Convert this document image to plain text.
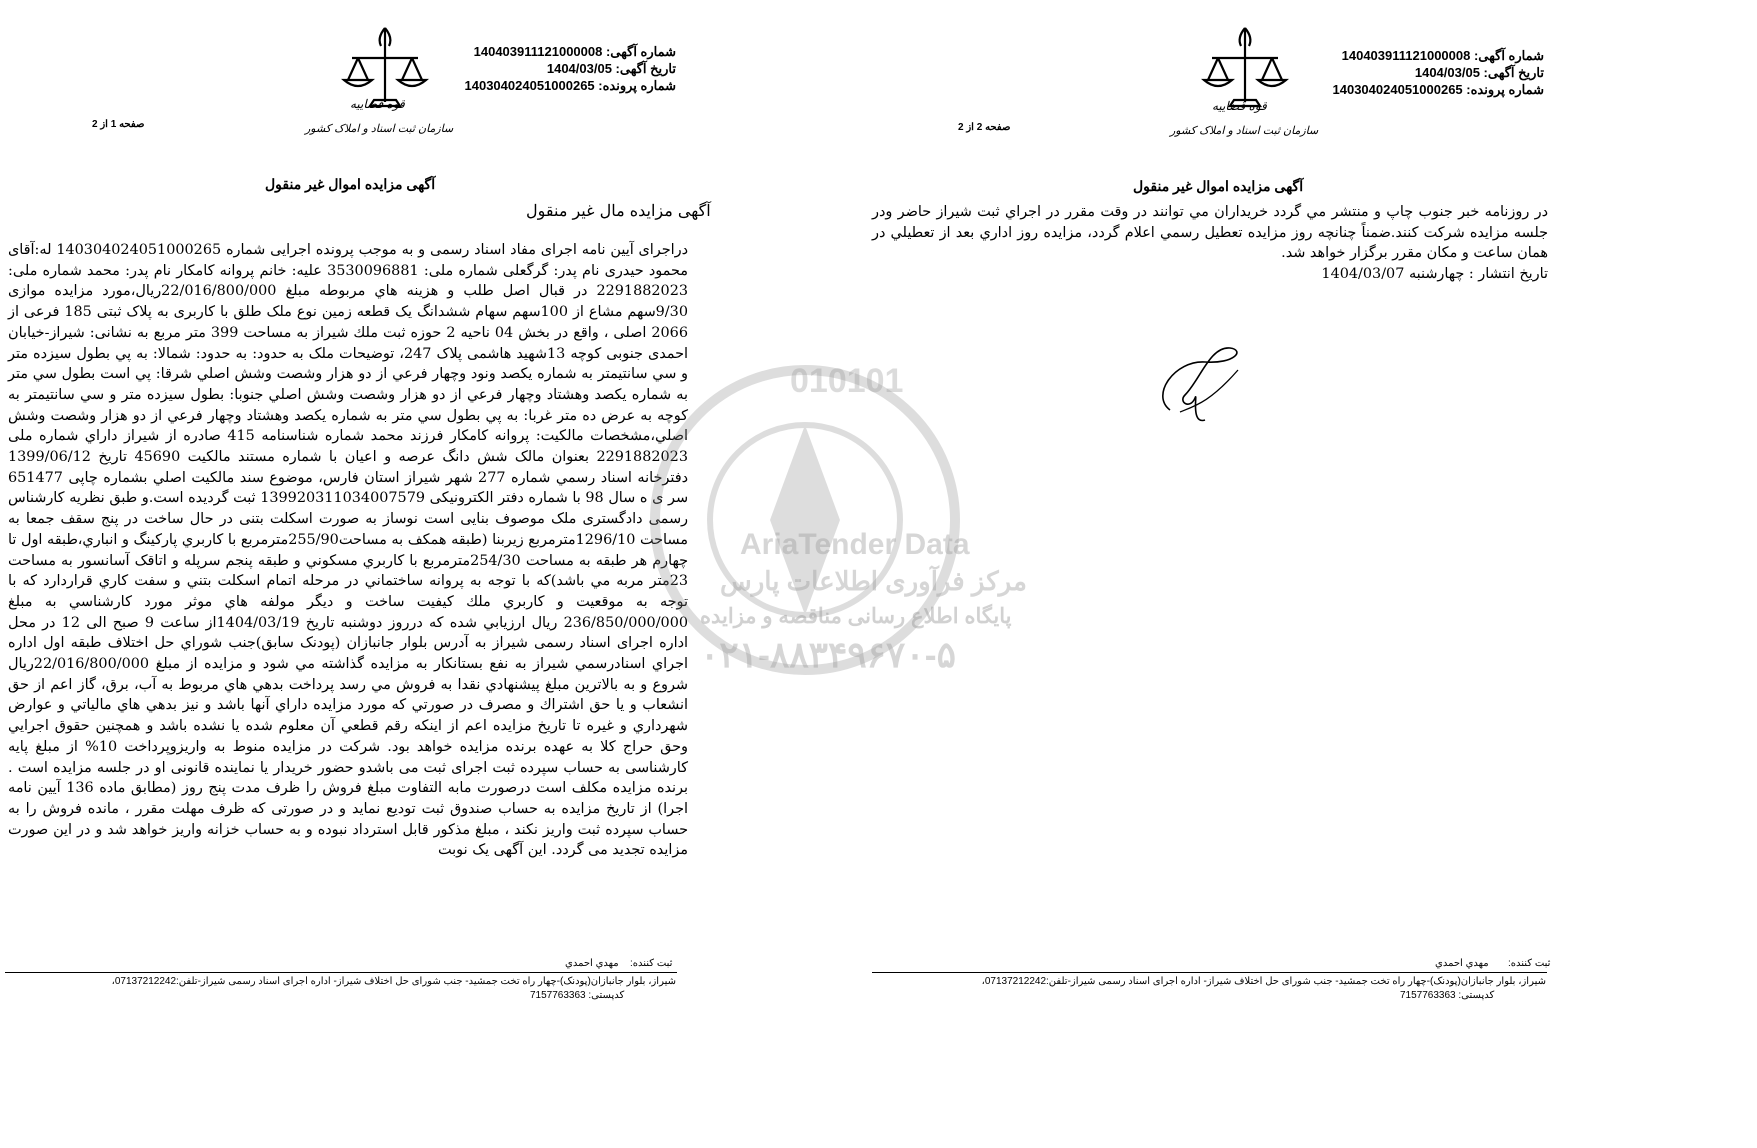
قوه قضاییه
سازمان ثبت اسناد و املاک کشور
شماره آگهی: 140403911121000008
تاریخ آگهی: 1404/03/05
شماره پرونده: 140304024051000265
صفحه 1 از 2
آگهی مزایده اموال غیر منقول
آگهی مزایده مال غیر منقول

دراجرای آیین نامه اجرای مفاد اسناد رسمی و به موجب پرونده اجرایی شماره 140304024051000265 له:آقای محمود حیدری نام پدر: گرگعلی شماره ملی: 3530096881 علیه: خانم پروانه کامکار نام پدر: محمد شماره ملی: 2291882023 در قبال اصل طلب و هزینه هاي مربوطه مبلغ 22/016/800/000ريال،مورد مزایده موازی 9/30سهم مشاع از 100سهم سهام ششدانگ یک قطعه زمین نوع ملک طلق با کاربری به پلاک ثبتی 185 فرعی از 2066 اصلی ، واقع در بخش 04 ناحیه 2 حوزه ثبت ملك شیراز به مساحت 399 متر مربع به نشانی: شیراز-خیابان احمدی جنوبی کوچه 13شهید هاشمی پلاک 247، توضیحات ملک به حدود: به حدود: شمالا: به پي بطول سيزده متر و سي سانتيمتر به شماره يكصد ونود وچهار فرعي از دو هزار وشصت وشش اصلي شرقا: پي است بطول سي متر به شماره يكصد وهشتاد وچهار فرعي از دو هزار وشصت وشش اصلي جنوبا: بطول سيزده متر و سي سانتيمتر به كوچه به عرض ده متر غربا: به پي بطول سي متر به شماره يكصد وهشتاد وچهار فرعي از دو هزار وشصت وشش اصلي،مشخصات مالكيت: پروانه كامكار فرزند محمد شماره شناسنامه 415 صادره از شيراز داراي شماره ملی 2291882023 بعنوان مالک شش دانگ عرصه و اعیان با شماره مستند مالکیت 45690 تاریخ 1399/06/12 دفترخانه اسناد رسمي شماره 277 شهر شیراز استان فارس، موضوع سند مالکیت اصلي بشماره چاپی 651477 سر ی ه سال 98 با شماره دفتر الکترونیکی 139920311034007579 ثبت گردیده است.و طبق نظریه کارشناس رسمی دادگستری ملک موصوف بنایی است نوساز به صورت اسکلت بتنی در حال ساخت در پنج سقف جمعا به مساحت 1296/10مترمربع زيربنا (طبقه همكف به مساحت255/90مترمربع با كاربري پاركينگ و انباري،طبقه اول تا چهارم هر طبقه به مساحت 254/30مترمربع با كاربري مسكوني و طبقه پنجم سرپله و اتاقک آسانسور به مساحت 23متر مربه مي باشد)كه با توجه به پروانه ساختماني در مرحله اتمام اسكلت بتني و سفت كاري قراردارد كه با توجه به موقعيت و كاربري ملك كيفيت ساخت و ديگر مولفه هاي موثر مورد كارشناسي به مبلغ 236/850/000/000 ريال ارزيابي شده كه درروز دوشنبه تاريخ 1404/03/19از ساعت 9 صبح الی 12 در محل اداره اجرای اسناد رسمی شیراز به آدرس بلوار جانبازان (پودنک سابق)جنب شوراي حل اختلاف طبقه اول اداره اجراي اسنادرسمي شيراز به نفع بستانكار به مزايده گذاشته مي شود و مزايده از مبلغ 22/016/800/000ريال شروع و به بالاترين مبلغ پيشنهادي نقدا به فروش مي رسد پرداخت بدهي هاي مربوط به آب، برق، گاز اعم از حق انشعاب و يا حق اشتراك و مصرف در صورتي كه مورد مزايده داراي آنها باشد و نيز بدهي هاي مالياتي و عوارض شهرداري و غيره تا تاريخ مزايده اعم از اينكه رقم قطعي آن معلوم شده يا نشده باشد و همچنين حقوق اجرايي وحق حراج كلا به عهده برنده مزايده خواهد بود. شرکت در مزایده منوط به واریزوپرداخت 10% از مبلغ پایه کارشناسی به حساب سپرده ثبت اجرای ثبت می باشدو حضور خریدار یا نماینده قانونی او در جلسه مزایده است . برنده مزایده مکلف است درصورت مابه التفاوت مبلغ فروش را ظرف مدت پنج روز (مطابق ماده 136 آیین نامه اجرا) از تاریخ مزایده به حساب صندوق ثبت تودیع نماید و در صورتی که ظرف مهلت مقرر ، مانده فروش را به حساب سپرده ثبت واریز نکند ، مبلغ مذکور قابل استرداد نبوده و به حساب خزانه واریز خواهد شد و در این صورت مزایده تجدید می گردد. این آگهی یک نوبت

ثبت کننده:
مهدي احمدي
شیراز، بلوار جانبازان(پودنک)-چهار راه تخت جمشید- جنب شورای حل اختلاف شیراز- اداره اجرای اسناد رسمی شیراز-تلفن:07137212242،
کدپستی: 7157763363
قوه قضاییه
سازمان ثبت اسناد و املاک کشور
شماره آگهی: 140403911121000008
تاریخ آگهی: 1404/03/05
شماره پرونده: 140304024051000265
صفحه 2 از 2
آگهی مزایده اموال غیر منقول

در روزنامه خبر جنوب چاپ و منتشر مي گردد خريداران مي توانند در وقت مقرر در اجراي ثبت شيراز حاضر ودر جلسه مزايده شركت كنند.ضمناً چنانچه روز مزايده تعطيل رسمي اعلام گردد، مزايده روز اداري بعد از تعطيلي در همان ساعت و مكان مقرر برگزار خواهد شد.

تاریخ انتشار : چهارشنبه 1404/03/07
ثبت کننده:
مهدي احمدي
شیراز، بلوار جانبازان(پودنک)-چهار راه تخت جمشید- جنب شورای حل اختلاف شیراز- اداره اجرای اسناد رسمی شیراز-تلفن:07137212242،
کدپستی: 7157763363
010101
AriaTender Data
مرکز فرآوری اطلاعات پارس
پایگاه اطلاع رسانی مناقصه و مزایده
۰۲۱-۸۸۳۴۹۶۷۰-۵
